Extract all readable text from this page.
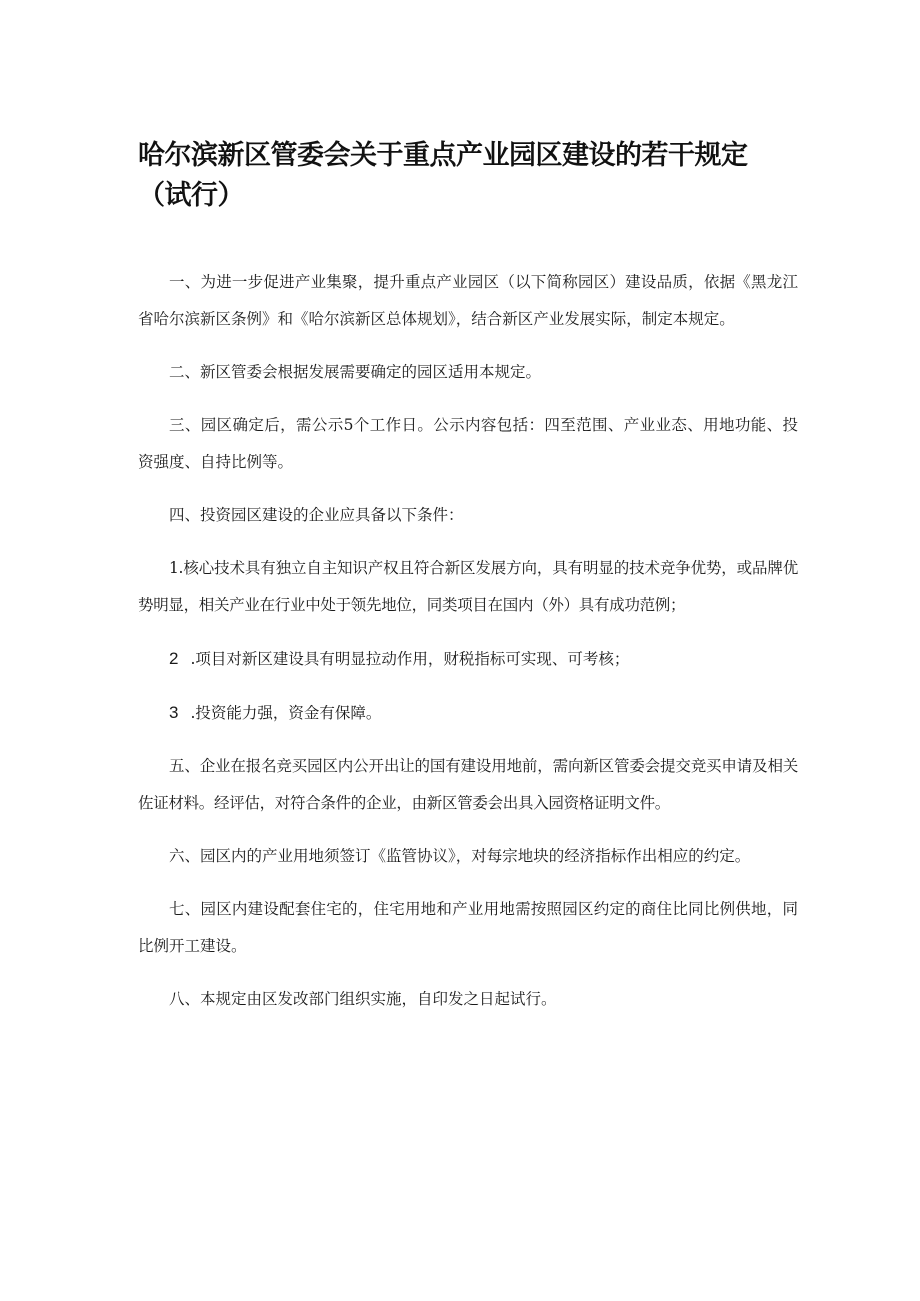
哈尔滨新区管委会关于重点产业园区建设的若干规定（试行）

一、为进一步促进产业集聚，提升重点产业园区（以下简称园区）建设品质，依据《黑龙江省哈尔滨新区条例》和《哈尔滨新区总体规划》，结合新区产业发展实际，制定本规定。

二、新区管委会根据发展需要确定的园区适用本规定。

三、园区确定后，需公示5个工作日。公示内容包括：四至范围、产业业态、用地功能、投资强度、自持比例等。

四、投资园区建设的企业应具备以下条件：

1.核心技术具有独立自主知识产权且符合新区发展方向，具有明显的技术竞争优势，或品牌优势明显，相关产业在行业中处于领先地位，同类项目在国内（外）具有成功范例；

2 .项目对新区建设具有明显拉动作用，财税指标可实现、可考核；

3 .投资能力强，资金有保障。

五、企业在报名竞买园区内公开出让的国有建设用地前，需向新区管委会提交竞买申请及相关佐证材料。经评估，对符合条件的企业，由新区管委会出具入园资格证明文件。

六、园区内的产业用地须签订《监管协议》，对每宗地块的经济指标作出相应的约定。

七、园区内建设配套住宅的，住宅用地和产业用地需按照园区约定的商住比同比例供地，同比例开工建设。

八、本规定由区发改部门组织实施，自印发之日起试行。
